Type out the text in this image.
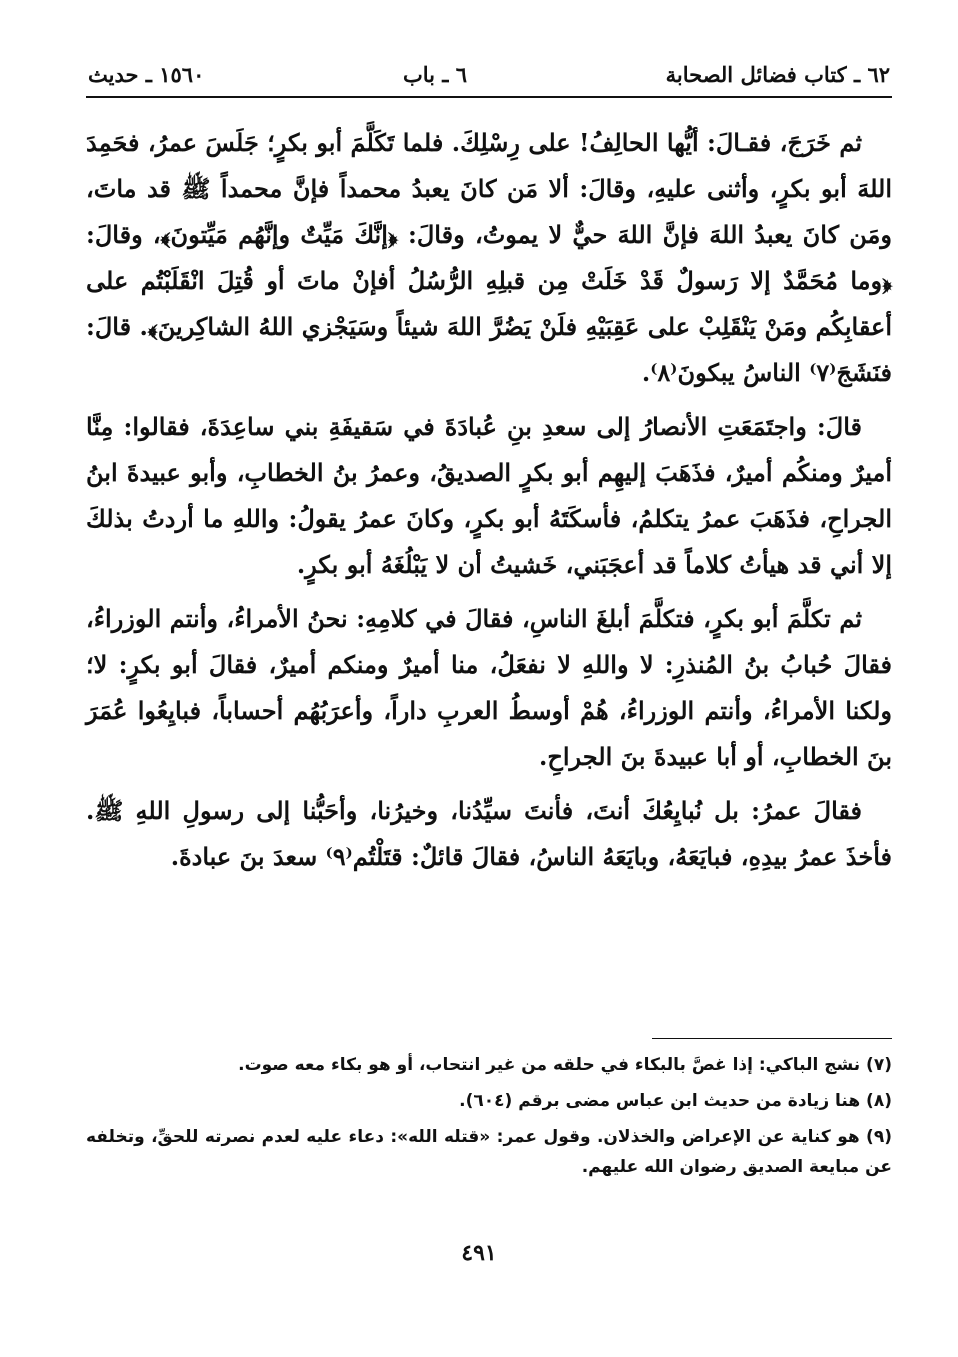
٦٢ ـ كتاب فضائل الصحابة
٦ ـ باب
١٥٦٠ ـ حديث

ثم خَرَجَ، فقـالَ: أيُّها الحالِفُ! على رِسْلِكَ. فلما تَكَلَّمَ أبو بكرٍ؛ جَلَسَ عمرُ، فحَمِدَ اللهَ أبو بكرٍ، وأثنى عليهِ، وقالَ: ألا مَن كانَ يعبدُ محمداً فإنَّ محمداً ﷺ قد ماتَ، ومَن كانَ يعبدُ اللهَ فإنَّ اللهَ حيٌّ لا يموتُ، وقالَ: ﴿إنَّكَ مَيِّتٌ وإنَّهُم مَيِّتونَ﴾، وقالَ: ﴿وما مُحَمَّدٌ إلا رَسولٌ قَدْ خَلَتْ مِن قبلِهِ الرُّسُلُ أفإنْ ماتَ أو قُتِلَ انْقَلَبْتُم على أعقابِكُم ومَنْ يَنْقَلِبْ على عَقِبَيْهِ فلَنْ يَضُرَّ اللهَ شيئاً وسَيَجْزي اللهُ الشاكِرينَ﴾. قالَ: فنَشَجَ⁽٧⁾ الناسُ يبكونَ⁽٨⁾.

قالَ: واجتَمَعَتِ الأنصارُ إلى سعدِ بنِ عُبادَةَ في سَقيفَةِ بني ساعِدَةَ، فقالوا: مِنَّا أميرٌ ومنكُم أميرٌ، فذَهَبَ إليهِم أبو بكرٍ الصديقُ، وعمرُ بنُ الخطابِ، وأبو عبيدةَ ابنُ الجراحِ، فذَهَبَ عمرُ يتكلمُ، فأسكَتَهُ أبو بكرٍ، وكانَ عمرُ يقولُ: واللهِ ما أردتُ بذلكَ إلا أني قد هيأتُ كلاماً قد أعجَبَني، خَشيتُ أن لا يَبْلُغَهُ أبو بكرٍ.

ثم تكلَّمَ أبو بكرٍ، فتكلَّمَ أبلغَ الناسِ، فقالَ في كلامِهِ: نحنُ الأمراءُ، وأنتم الوزراءُ، فقالَ حُبابُ بنُ المُنذرِ: لا واللهِ لا نفعَلُ، منا أميرٌ ومنكم أميرٌ، فقالَ أبو بكرٍ: لا؛ ولكنا الأمراءُ، وأنتم الوزراءُ، هُمْ أوسطُ العربِ داراً، وأعرَبُهُم أحساباً، فبايِعُوا عُمَرَ بنَ الخطابِ، أو أبا عبيدةَ بنَ الجراحِ.

فقالَ عمرُ: بل نُبايِعُكَ أنتَ، فأنتَ سيِّدُنا، وخيرُنا، وأحَبُّنا إلى رسولِ اللهِ ﷺ. فأخذَ عمرُ بيدِهِ، فبايَعَهُ، وبايَعَهُ الناسُ، فقالَ قائلٌ: قتَلْتُم⁽٩⁾ سعدَ بنَ عبادةَ.

(٧) نشج الباكي: إذا غصَّ بالبكاء في حلقه من غير انتحاب، أو هو بكاء معه صوت.

(٨) هنا زيادة من حديث ابن عباس مضى برقم (٦٠٤).

(٩) هو كناية عن الإعراض والخذلان. وقول عمر: «قتله الله»: دعاء عليه لعدم نصرته للحقِّ، وتخلفه عن مبايعة الصديق رضوان الله عليهم.

٤٩١
